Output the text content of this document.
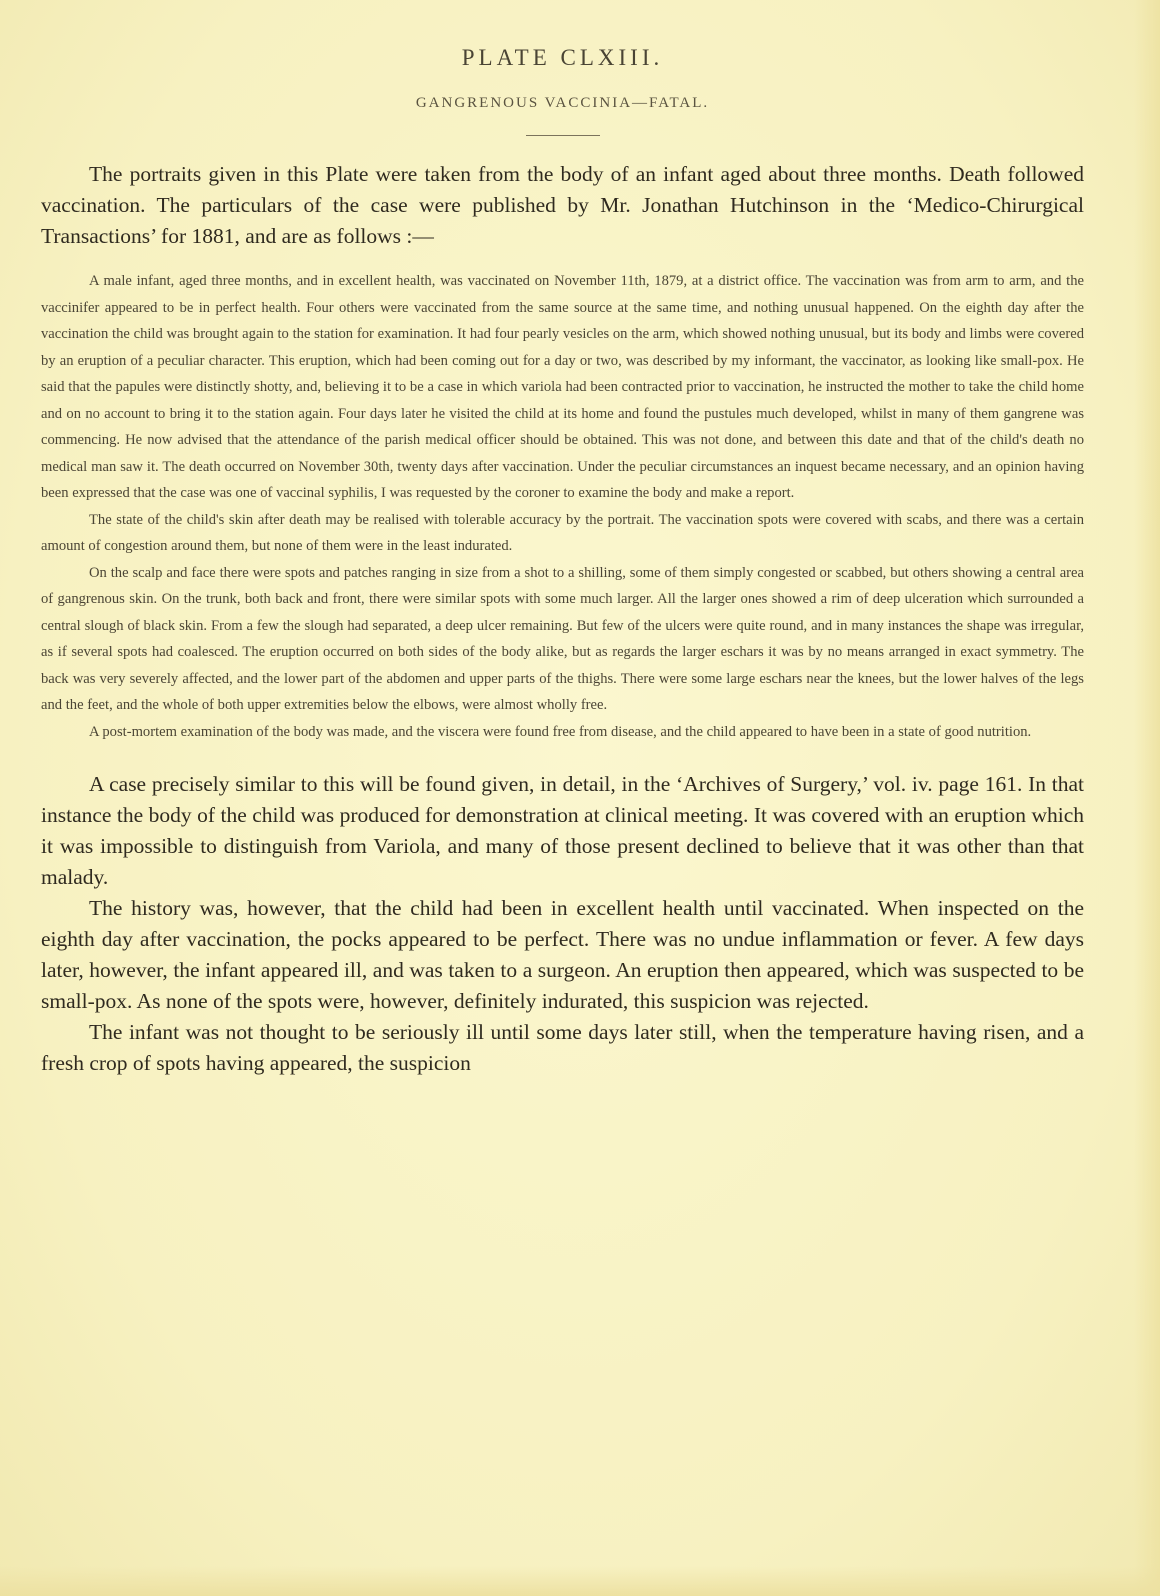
PLATE CLXIII.
GANGRENOUS VACCINIA—FATAL.

The portraits given in this Plate were taken from the body of an infant aged about three months. Death followed vaccination. The particulars of the case were published by Mr. Jonathan Hutchinson in the ‘Medico-Chirurgical Transactions’ for 1881, and are as follows :—

A male infant, aged three months, and in excellent health, was vaccinated on November 11th, 1879, at a district office. The vaccination was from arm to arm, and the vaccinifer appeared to be in perfect health. Four others were vaccinated from the same source at the same time, and nothing unusual happened. On the eighth day after the vaccination the child was brought again to the station for examination. It had four pearly vesicles on the arm, which showed nothing unusual, but its body and limbs were covered by an eruption of a peculiar character. This eruption, which had been coming out for a day or two, was described by my informant, the vaccinator, as looking like small-pox. He said that the papules were distinctly shotty, and, believing it to be a case in which variola had been contracted prior to vaccination, he instructed the mother to take the child home and on no account to bring it to the station again. Four days later he visited the child at its home and found the pustules much developed, whilst in many of them gangrene was commencing. He now advised that the attendance of the parish medical officer should be obtained. This was not done, and between this date and that of the child's death no medical man saw it. The death occurred on November 30th, twenty days after vaccination. Under the peculiar circumstances an inquest became necessary, and an opinion having been expressed that the case was one of vaccinal syphilis, I was requested by the coroner to examine the body and make a report.

The state of the child's skin after death may be realised with tolerable accuracy by the portrait. The vaccination spots were covered with scabs, and there was a certain amount of congestion around them, but none of them were in the least indurated.

On the scalp and face there were spots and patches ranging in size from a shot to a shilling, some of them simply congested or scabbed, but others showing a central area of gangrenous skin. On the trunk, both back and front, there were similar spots with some much larger. All the larger ones showed a rim of deep ulceration which surrounded a central slough of black skin. From a few the slough had separated, a deep ulcer remaining. But few of the ulcers were quite round, and in many instances the shape was irregular, as if several spots had coalesced. The eruption occurred on both sides of the body alike, but as regards the larger eschars it was by no means arranged in exact symmetry. The back was very severely affected, and the lower part of the abdomen and upper parts of the thighs. There were some large eschars near the knees, but the lower halves of the legs and the feet, and the whole of both upper extremities below the elbows, were almost wholly free.

A post-mortem examination of the body was made, and the viscera were found free from disease, and the child appeared to have been in a state of good nutrition.

A case precisely similar to this will be found given, in detail, in the ‘Archives of Surgery,’ vol. iv. page 161. In that instance the body of the child was produced for demonstration at clinical meeting. It was covered with an eruption which it was impossible to distinguish from Variola, and many of those present declined to believe that it was other than that malady.

The history was, however, that the child had been in excellent health until vaccinated. When inspected on the eighth day after vaccination, the pocks appeared to be perfect. There was no undue inflammation or fever. A few days later, however, the infant appeared ill, and was taken to a surgeon. An eruption then appeared, which was suspected to be small-pox. As none of the spots were, however, definitely indurated, this suspicion was rejected.

The infant was not thought to be seriously ill until some days later still, when the temperature having risen, and a fresh crop of spots having appeared, the suspicion
